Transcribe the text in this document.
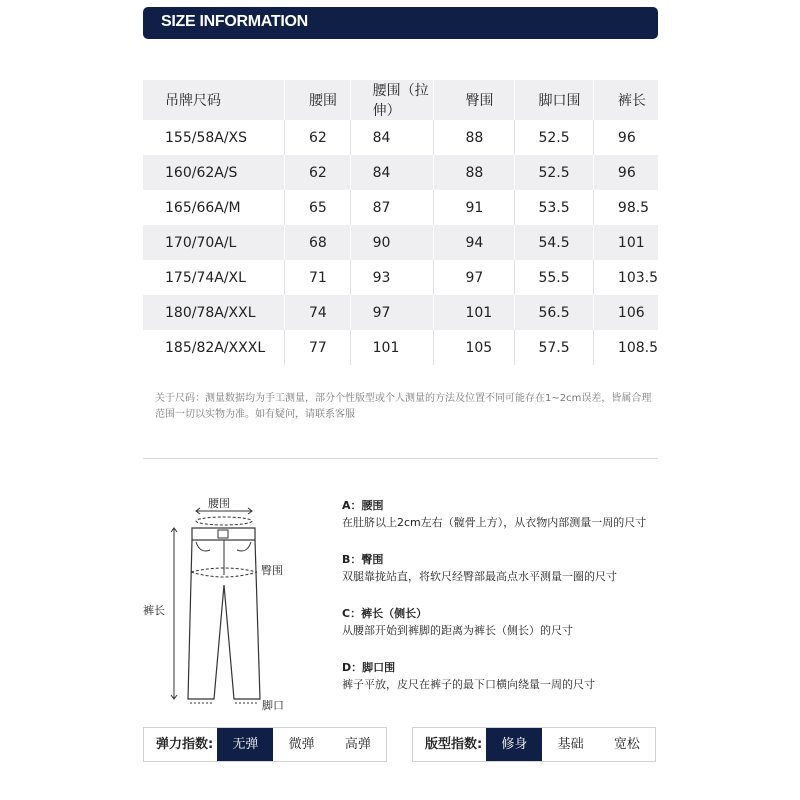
SIZE INFORMATION
吊牌尺码	腰围	腰围（拉伸）	臀围	脚口围	裤长
155/58A/XS	62	84	88	52.5	96
160/62A/S	62	84	88	52.5	96
165/66A/M	65	87	91	53.5	98.5
170/70A/L	68	90	94	54.5	101
175/74A/XL	71	93	97	55.5	103.5
180/78A/XXL	74	97	101	56.5	106
185/82A/XXXL	77	101	105	57.5	108.5
关于尺码：测量数据均为手工测量，部分个性版型或个人测量的方法及位置不同可能存在1~2cm误差，皆属合理范围一切以实物为准。如有疑问，请联系客服
腰围
臀围
裤长
脚口
A：腰围
在肚脐以上2cm左右（髋骨上方），从衣物内部测量一周的尺寸
B：臀围
双腿靠拢站直，将软尺经臀部最高点水平测量一圈的尺寸
C：裤长（侧长）
从腰部开始到裤脚的距离为裤长（侧长）的尺寸
D：脚口围
裤子平放，皮尺在裤子的最下口横向绕量一周的尺寸
弹力指数:	无弹	微弹	高弹	版型指数:	修身	基础	宽松
